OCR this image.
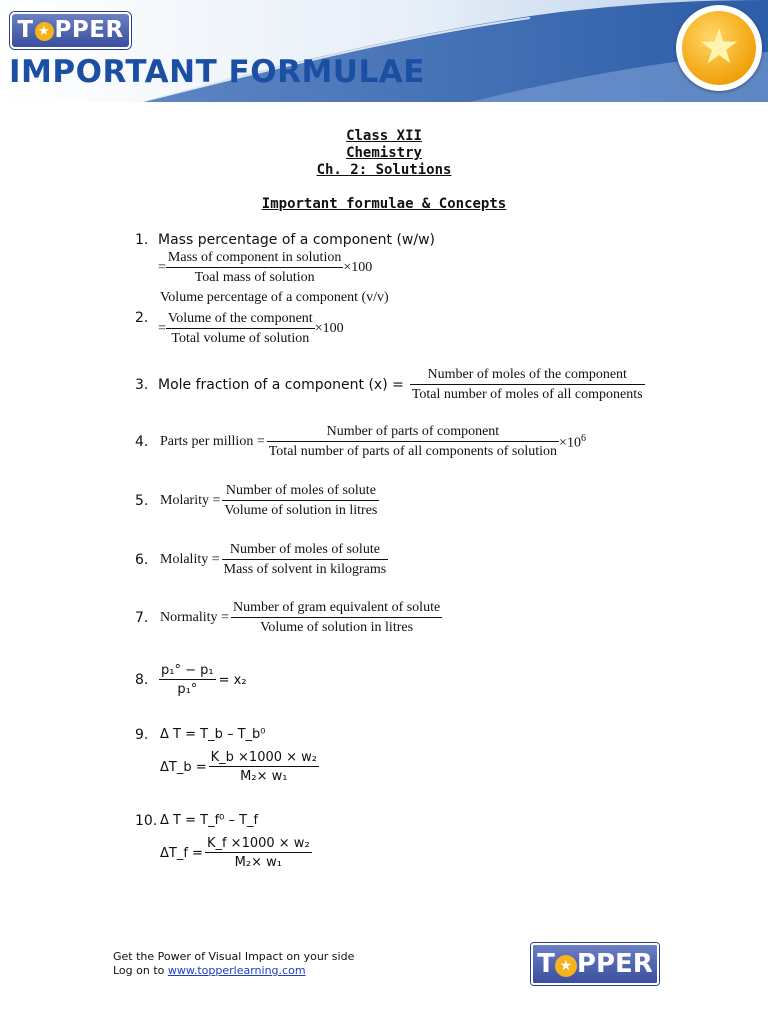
T ★ PPER
IMPORTANT FORMULAE	★
Class XII
Chemistry
Ch. 2: Solutions
Important formulae & Concepts
1. Mass percentage of a component (w/w)
= $\frac{\text{Mass of component in solution}}{\text{Toal mass of solution}} \times 100$
Volume percentage of a component (v/v)
2.
= $\frac{\text{Volume of the component}}{\text{Total volume of solution}} \times 100$
3. Mole fraction of a component $(x) = \frac{\text{Number of moles of the component}}{\text{Total number of moles of all components}}$
4. Parts per million = $\frac{\text{Number of parts of component}}{\text{Total number of parts of all components of solution}} \times 10^6$
5. Molarity = $\frac{\text{Number of moles of solute}}{\text{Volume of solution in litres}}$
6. Molality = $\frac{\text{Number of moles of solute}}{\text{Mass of solvent in kilograms}}$
7. Normality = $\frac{\text{Number of gram equivalent of solute}}{\text{Volume of solution in litres}}$
8. $\frac{\text{p₁° − p₁}}{\text{p₁°}} = x_2$
9. Δ T = T_b – T_b⁰
ΔT_b = $\frac{\text{K\_b ×1000 × w₂}}{\text{M₂× w₁}}$
10. Δ T = T_f⁰ – T_f
ΔT_f = $\frac{\text{K\_f ×1000 × w₂}}{\text{M₂× w₁}}$
Get the Power of Visual Impact on your side
Log on to www.topperlearning.com	T ★ PPER
